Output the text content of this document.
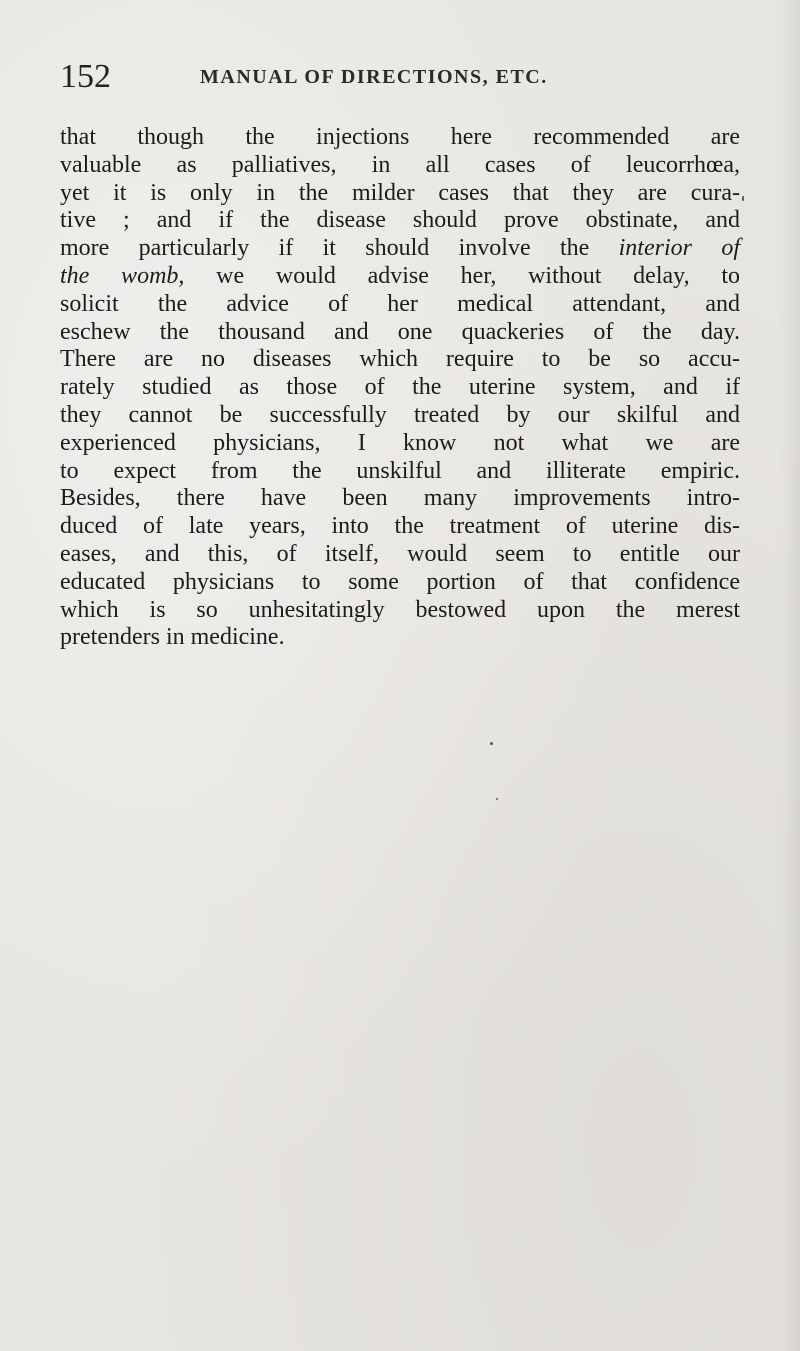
152	MANUAL OF DIRECTIONS, ETC.
that though the injections here recommended are
valuable as palliatives, in all cases of leucorrhœa,
yet it is only in the milder cases that they are cura-
tive ; and if the disease should prove obstinate, and
more particularly if it should involve the interior of
the womb, we would advise her, without delay, to
solicit the advice of her medical attendant, and
eschew the thousand and one quackeries of the day.
There are no diseases which require to be so accu-
rately studied as those of the uterine system, and if
they cannot be successfully treated by our skilful and
experienced physicians, I know not what we are
to expect from the unskilful and illiterate empiric.
Besides, there have been many improvements intro-
duced of late years, into the treatment of uterine dis-
eases, and this, of itself, would seem to entitle our
educated physicians to some portion of that confidence
which is so unhesitatingly bestowed upon the merest
pretenders in medicine.
